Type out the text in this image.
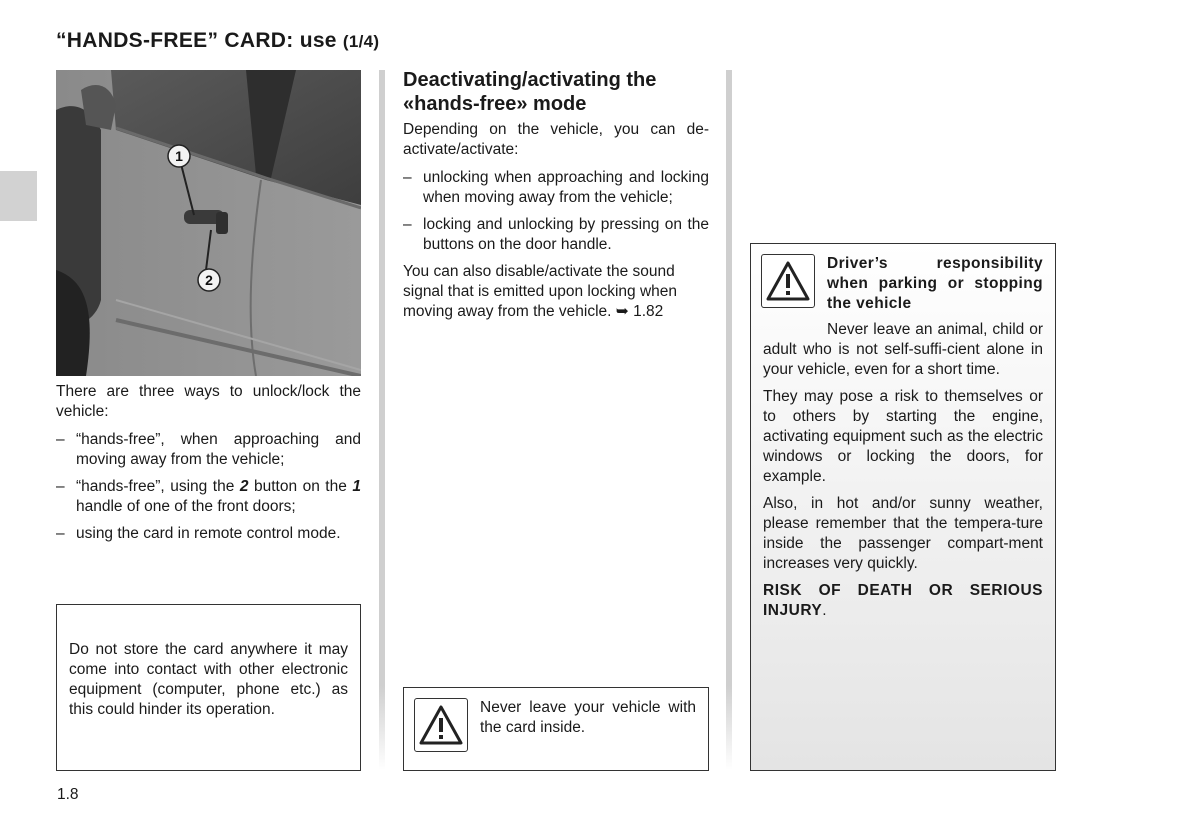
“HANDS-FREE” CARD: use (1/4)
1
2

There are three ways to unlock/lock the vehicle:

– “hands-free”, when approaching and moving away from the vehicle;
– “hands-free”, using the 2 button on the 1 handle of one of the front doors;
– using the card in remote control mode.

Do not store the card anywhere it may come into contact with other electronic equipment (computer, phone etc.) as this could hinder its operation.

Deactivating/activating the «hands-free» mode

Depending on the vehicle, you can de-activate/activate:

– unlocking when approaching and locking when moving away from the vehicle;
– locking and unlocking by pressing on the buttons on the door handle.

You can also disable/activate the sound signal that is emitted upon locking when moving away from the vehicle. ➥ 1.82

Never leave your vehicle with the card inside.

Driver’s responsibility when parking or stopping the vehicle

Never leave an animal, child or adult who is not self-suffi-cient alone in your vehicle, even for a short time.

They may pose a risk to themselves or to others by starting the engine, activating equipment such as the electric windows or locking the doors, for example.

Also, in hot and/or sunny weather, please remember that the tempera-ture inside the passenger compart-ment increases very quickly.

RISK OF DEATH OR SERIOUS INJURY.

1.8
